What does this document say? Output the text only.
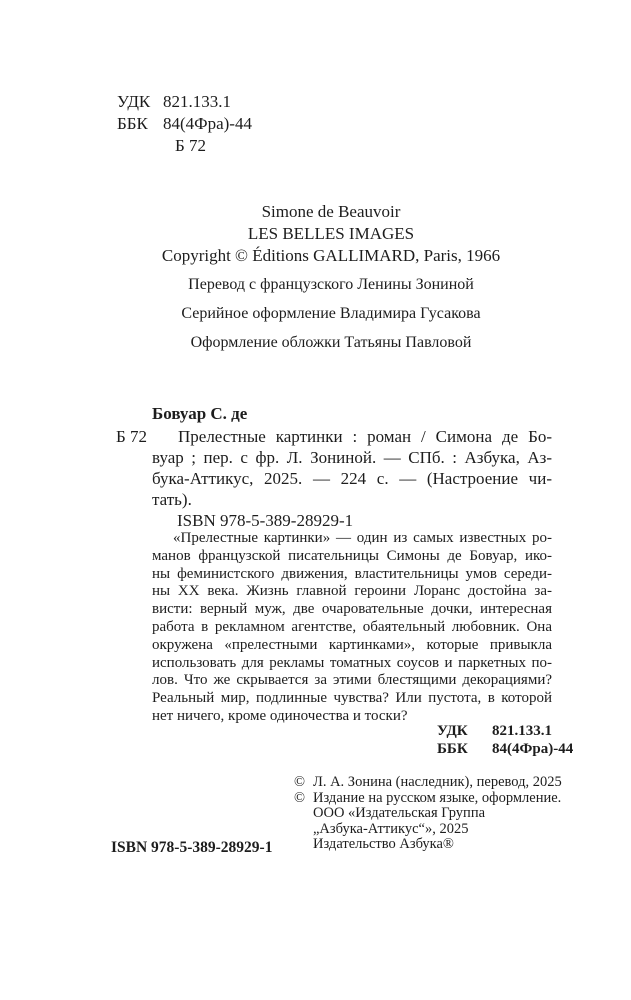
УДК 821.133.1
ББК 84(4Фра)-44
Б 72
Simone de Beauvoir
LES BELLES IMAGES
Copyright © Éditions GALLIMARD, Paris, 1966
Перевод с французского Ленины Зониной
Серийное оформление Владимира Гусакова
Оформление обложки Татьяны Павловой
Бовуар С. де
Б 72	Прелестные картинки : роман / Симона де Бо-
вуар ; пер. с фр. Л. Зониной. — СПб. : Азбука, Аз-
бука-Аттикус, 2025. — 224 с. — (Настроение чи-
тать).
ISBN 978-5-389-28929-1
«Прелестные картинки» — один из самых известных ро-
манов французской писательницы Симоны де Бовуар, ико-
ны феминистского движения, властительницы умов середи-
ны XX века. Жизнь главной героини Лоранс достойна за-
висти: верный муж, две очаровательные дочки, интересная
работа в рекламном агентстве, обаятельный любовник. Она
окружена «прелестными картинками», которые привыкла
использовать для рекламы томатных соусов и паркетных по-
лов. Что же скрывается за этими блестящими декорациями?
Реальный мир, подлинные чувства? Или пустота, в которой
нет ничего, кроме одиночества и тоски?
УДК 821.133.1
ББК 84(4Фра)-44
© Л. А. Зонина (наследник), перевод, 2025
© Издание на русском языке, оформление.
ООО «Издательская Группа
„Азбука-Аттикус“», 2025
Издательство Азбука®
ISBN 978-5-389-28929-1
